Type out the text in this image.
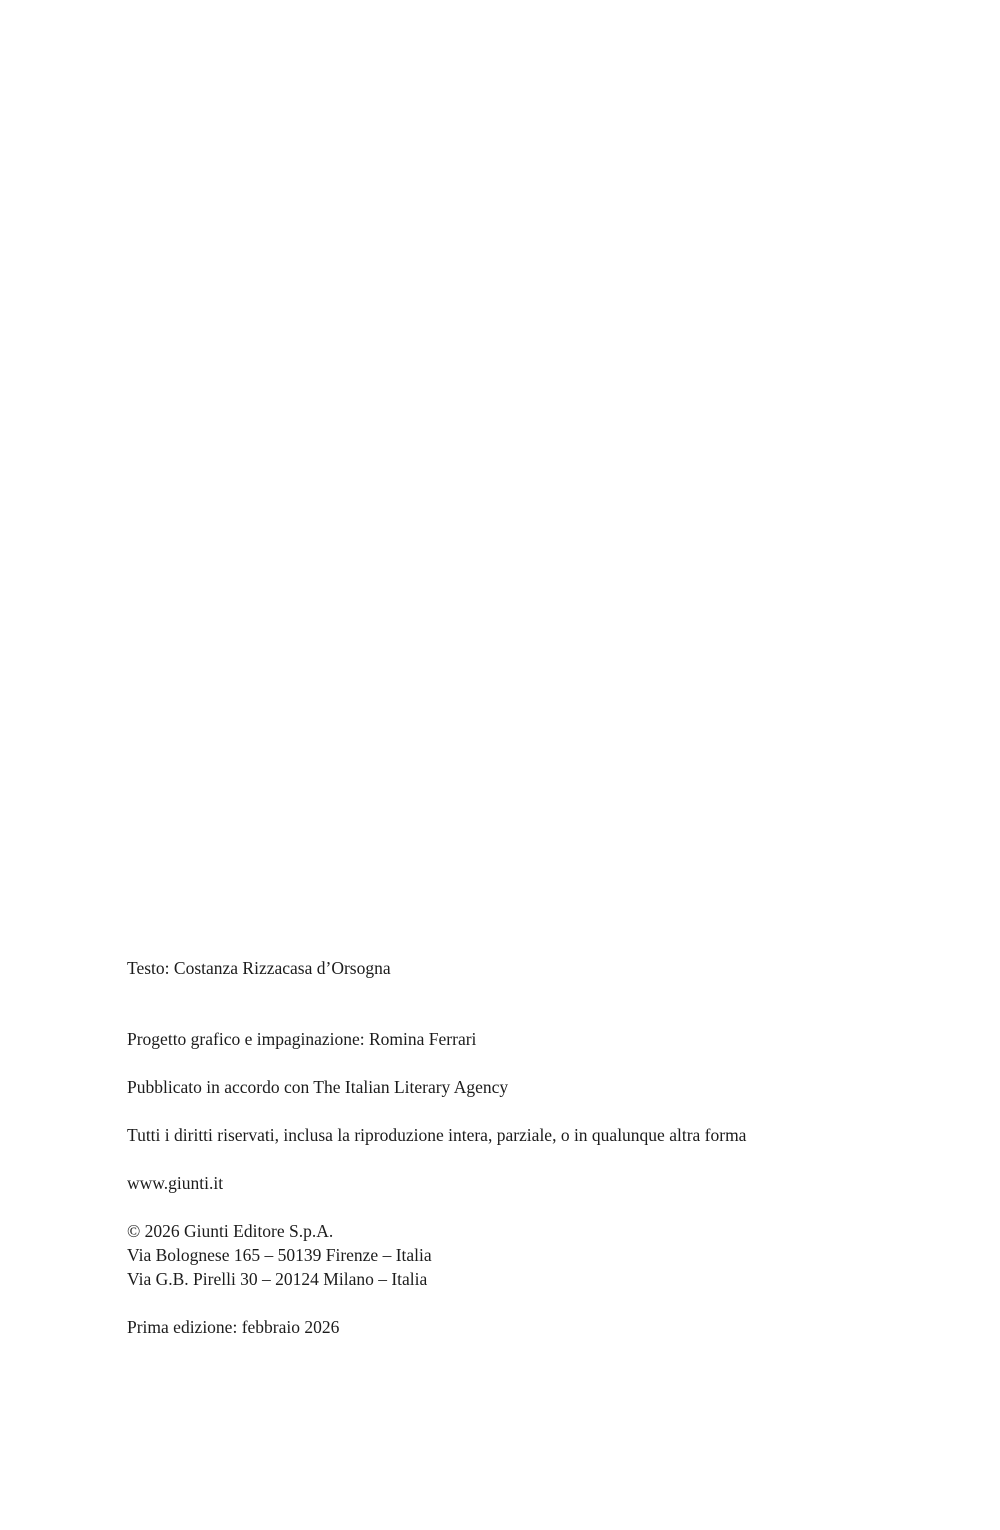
Testo: Costanza Rizzacasa d’Orsogna

Progetto grafico e impaginazione: Romina Ferrari

Pubblicato in accordo con The Italian Literary Agency

Tutti i diritti riservati, inclusa la riproduzione intera, parziale, o in qualunque altra forma

www.giunti.it

© 2026 Giunti Editore S.p.A.

Via Bolognese 165 – 50139 Firenze – Italia

Via G.B. Pirelli 30 – 20124 Milano – Italia

Prima edizione: febbraio 2026
